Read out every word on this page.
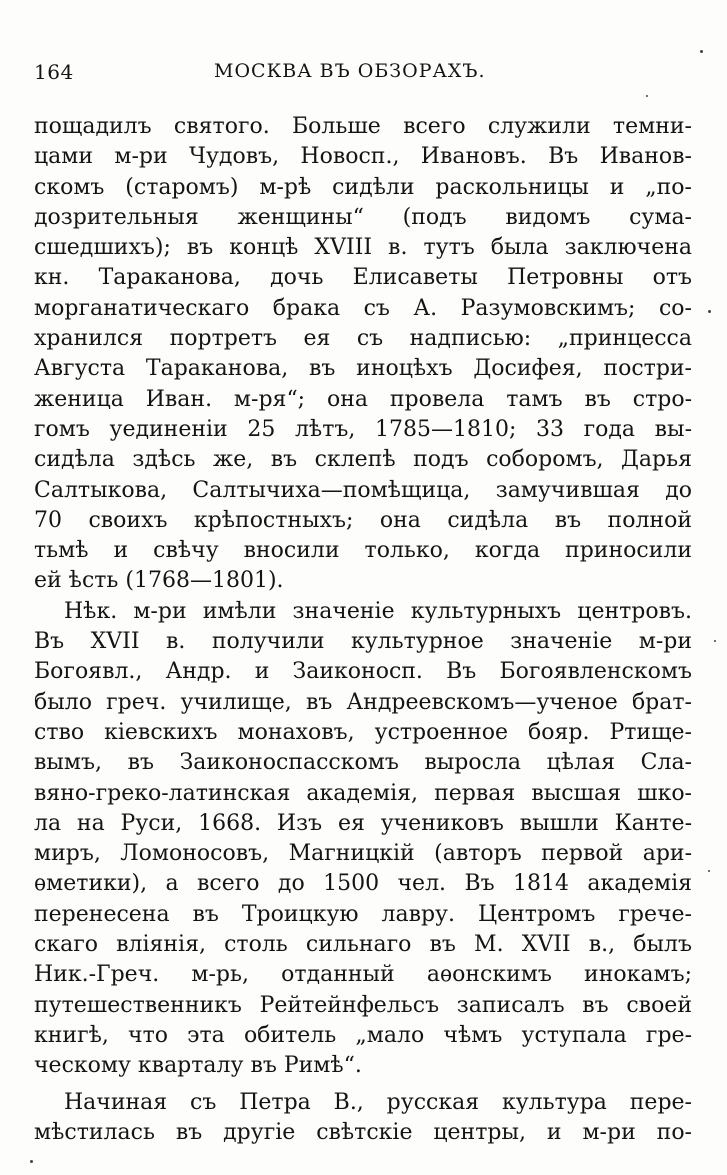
164	МОСКВА ВЪ ОБЗОРАХЪ.
пощадилъ святого. Больше всего служили темни-
цами м-ри Чудовъ, Новосп., Ивановъ. Въ Иванов-
скомъ (старомъ) м-рѣ сидѣли раскольницы и „по-
дозрительныя женщины“ (подъ видомъ сума-
сшедшихъ); въ концѣ XVIII в. тутъ была заключена
кн. Тараканова, дочь Елисаветы Петровны отъ
морганатическаго брака съ А. Разумовскимъ; со-
хранился портретъ ея съ надписью: „принцесса
Августа Тараканова, въ иноцѣхъ Досифея, постри-
женица Иван. м-ря“; она провела тамъ въ стро-
гомъ уединенiи 25 лѣтъ, 1785—1810; 33 года вы-
сидѣла здѣсь же, въ склепѣ подъ соборомъ, Дарья
Салтыкова, Салтычиха—помѣщица, замучившая до
70 своихъ крѣпостныхъ; она сидѣла въ полной
тьмѣ и свѣчу вносили только, когда приносили
ей ѣсть (1768—1801).
Нѣк. м-ри имѣли значенiе культурныхъ центровъ.
Въ XVII в. получили культурное значенiе м-ри
Богоявл., Андр. и Заиконосп. Въ Богоявленскомъ
было греч. училище, въ Андреевскомъ—ученое брат-
ство кiевскихъ монаховъ, устроенное бояр. Ртище-
вымъ, въ Заиконоспасскомъ выросла цѣлая Сла-
вяно-греко-латинская академiя, первая высшая шко-
ла на Руси, 1668. Изъ ея учениковъ вышли Канте-
миръ, Ломоносовъ, Магницкiй (авторъ первой ари-
ѳметики), а всего до 1500 чел. Въ 1814 академiя
перенесена въ Троицкую лавру. Центромъ грече-
скаго влiянiя, столь сильнаго въ М. XVII в., былъ
Ник.-Греч. м-рь, отданный аѳонскимъ инокамъ;
путешественникъ Рейтейнфельсъ записалъ въ своей
книгѣ, что эта обитель „мало чѣмъ уступала гре-
ческому кварталу въ Римѣ“.
Начиная съ Петра В., русская культура пере-
мѣстилась въ другiе свѣтскiе центры, и м-ри по-
